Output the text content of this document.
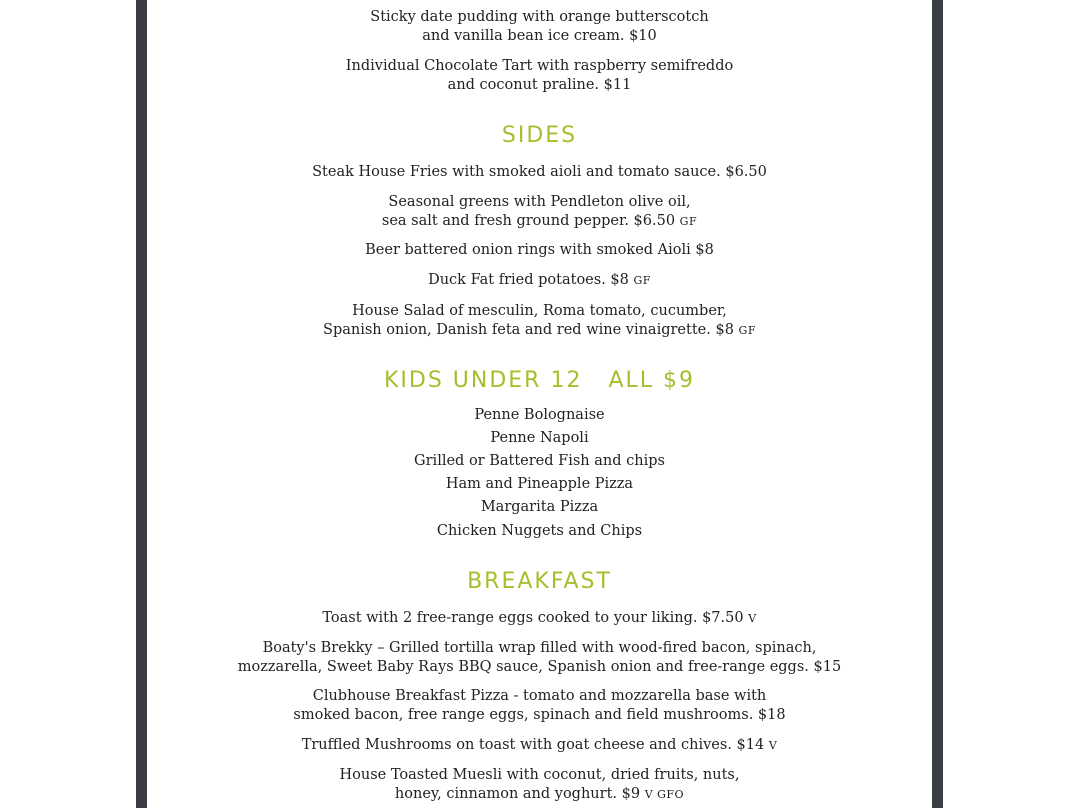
Sticky date pudding with orange butterscotch
and vanilla bean ice cream. $10
Individual Chocolate Tart with raspberry semifreddo
and coconut praline. $11
SIDES
Steak House Fries with smoked aioli and tomato sauce. $6.50
Seasonal greens with Pendleton olive oil,
sea salt and fresh ground pepper. $6.50 GF
Beer battered onion rings with smoked Aioli $8
Duck Fat fried potatoes. $8 GF
House Salad of mesculin, Roma tomato, cucumber,
Spanish onion, Danish feta and red wine vinaigrette. $8 GF
KIDS UNDER 12 ALL $9
Penne Bolognaise
Penne Napoli
Grilled or Battered Fish and chips
Ham and Pineapple Pizza
Margarita Pizza
Chicken Nuggets and Chips
BREAKFAST
Toast with 2 free-range eggs cooked to your liking. $7.50 V
Boaty's Brekky – Grilled tortilla wrap filled with wood-fired bacon, spinach,
mozzarella, Sweet Baby Rays BBQ sauce, Spanish onion and free-range eggs. $15
Clubhouse Breakfast Pizza - tomato and mozzarella base with
smoked bacon, free range eggs, spinach and field mushrooms. $18
Truffled Mushrooms on toast with goat cheese and chives. $14 V
House Toasted Muesli with coconut, dried fruits, nuts,
honey, cinnamon and yoghurt. $9 V GFO
